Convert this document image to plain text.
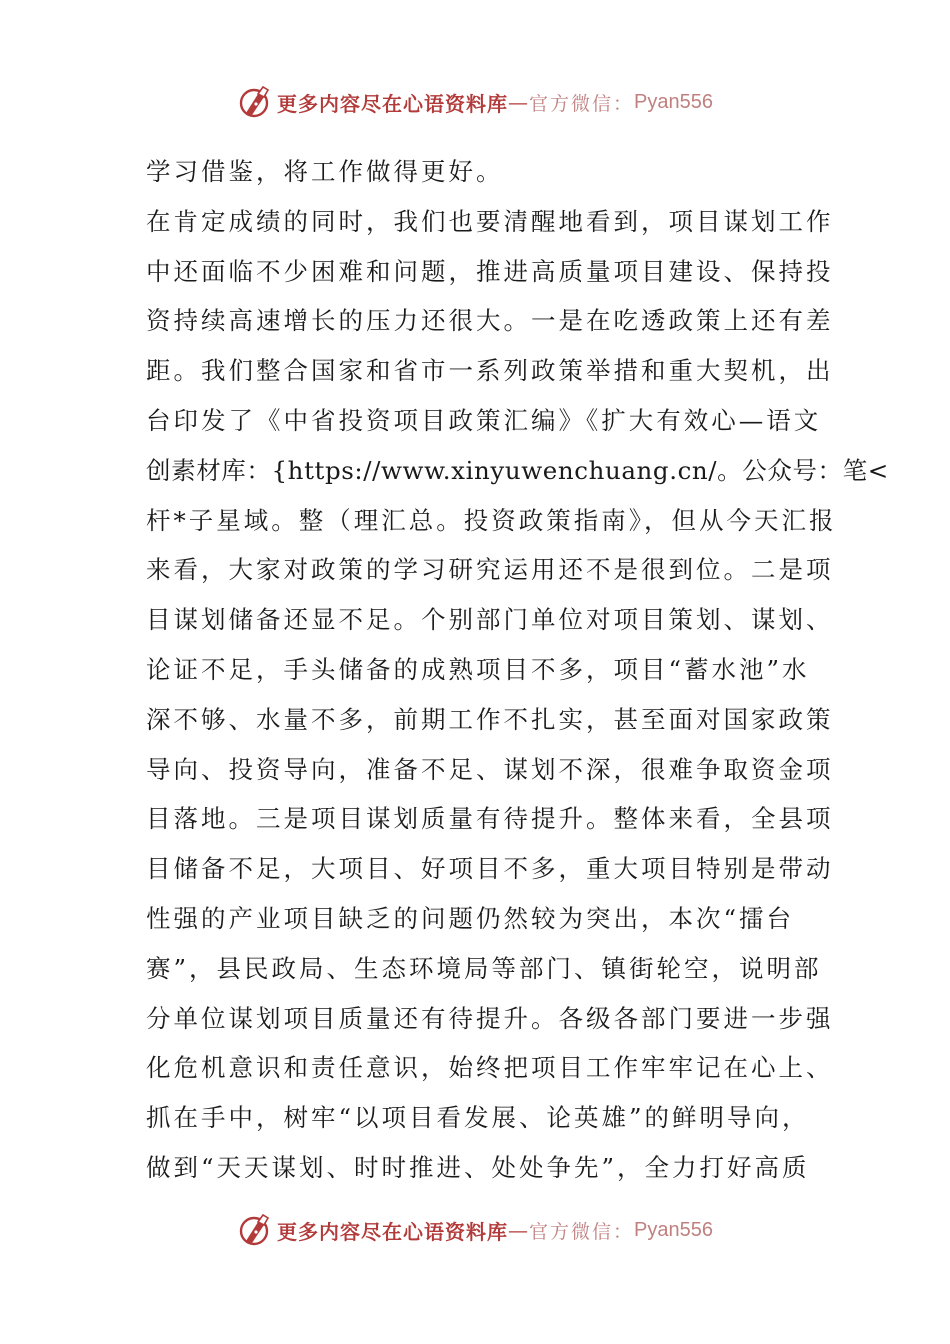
更多内容尽在心语资料库 — 官方微信： Pyan556
学习借鉴，将工作做得更好。
在肯定成绩的同时，我们也要清醒地看到，项目谋划工作
中还面临不少困难和问题，推进高质量项目建设、保持投
资持续高速增长的压力还很大。一是在吃透政策上还有差
距。我们整合国家和省市一系列政策举措和重大契机，出
台印发了《中省投资项目政策汇编》《扩大有效心—语文
创素材库：{https://www.xinyuwenchuang.cn/。公众号：笔<
杆*子星域。整（理汇总。投资政策指南》，但从今天汇报
来看，大家对政策的学习研究运用还不是很到位。二是项
目谋划储备还显不足。个别部门单位对项目策划、谋划、
论证不足，手头储备的成熟项目不多，项目“蓄水池”水
深不够、水量不多，前期工作不扎实，甚至面对国家政策
导向、投资导向，准备不足、谋划不深，很难争取资金项
目落地。三是项目谋划质量有待提升。整体来看，全县项
目储备不足，大项目、好项目不多，重大项目特别是带动
性强的产业项目缺乏的问题仍然较为突出，本次“擂台
赛”，县民政局、生态环境局等部门、镇街轮空，说明部
分单位谋划项目质量还有待提升。各级各部门要进一步强
化危机意识和责任意识，始终把项目工作牢牢记在心上、
抓在手中，树牢“以项目看发展、论英雄”的鲜明导向，
做到“天天谋划、时时推进、处处争先”，全力打好高质
更多内容尽在心语资料库 — 官方微信： Pyan556
